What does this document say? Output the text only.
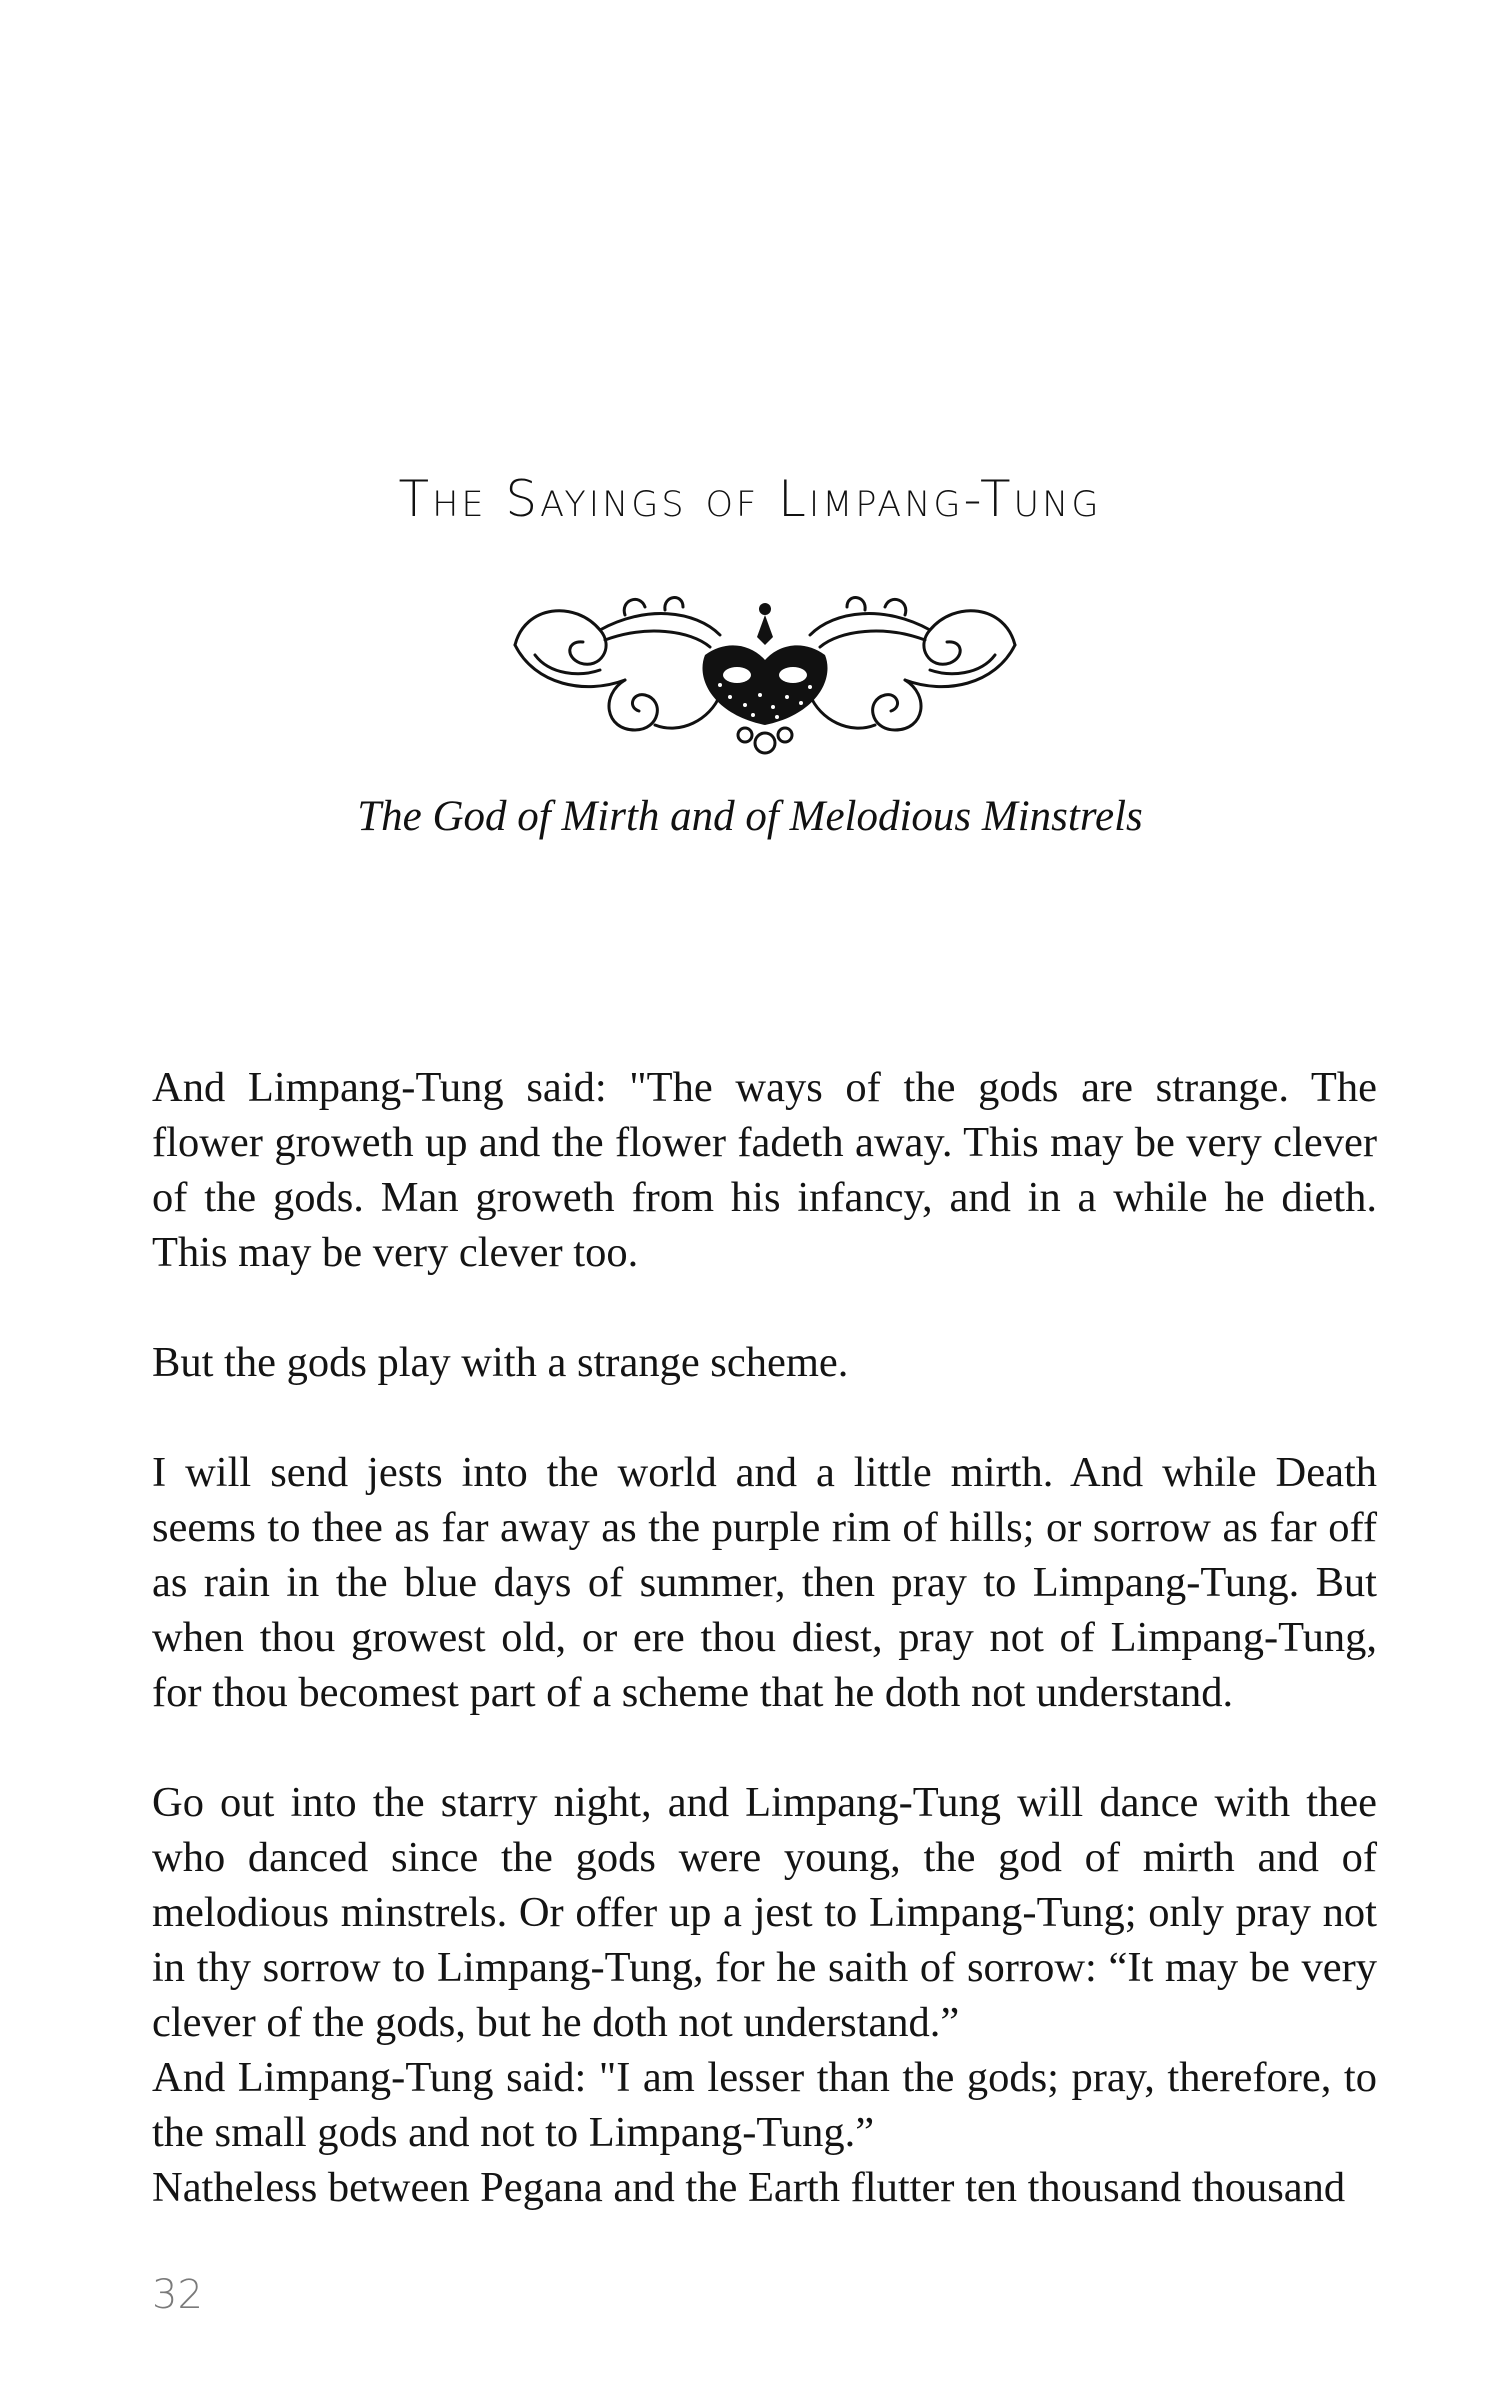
The Sayings of Limpang-Tung
The God of Mirth and of Melodious Minstrels

And Limpang-Tung said: "The ways of the gods are strange. The flower groweth up and the flower fadeth away. This may be very clever of the gods. Man groweth from his infancy, and in a while he dieth. This may be very clever too.

But the gods play with a strange scheme.

I will send jests into the world and a little mirth. And while Death seems to thee as far away as the purple rim of hills; or sorrow as far off as rain in the blue days of summer, then pray to Limpang-Tung. But when thou growest old, or ere thou diest, pray not of Limpang-Tung, for thou becomest part of a scheme that he doth not understand.

Go out into the starry night, and Limpang-Tung will dance with thee who danced since the gods were young, the god of mirth and of melodious minstrels. Or offer up a jest to Limpang-Tung; only pray not in thy sorrow to Limpang-Tung, for he saith of sorrow: “It may be very clever of the gods, but he doth not understand.”

And Limpang-Tung said: "I am lesser than the gods; pray, therefore, to the small gods and not to Limpang-Tung.”

Natheless between Pegana and the Earth flutter ten thousand thousand

32
